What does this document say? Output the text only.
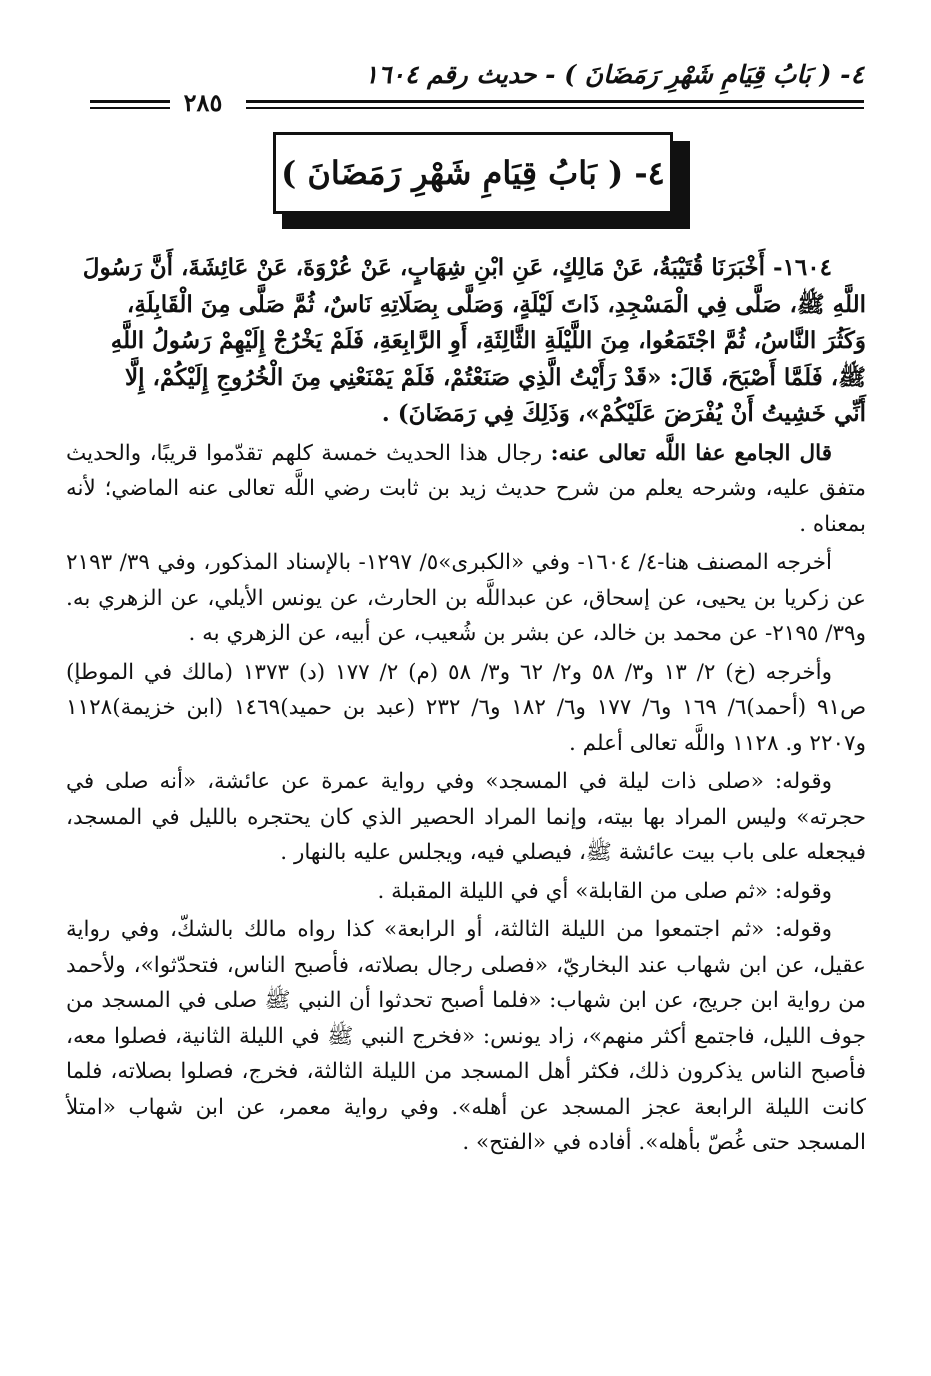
٤- ( بَابُ قِيَامِ شَهْرِ رَمَضَانَ ) - حديث رقم ١٦٠٤
٢٨٥
٤- ( بَابُ قِيَامِ شَهْرِ رَمَضَانَ )

١٦٠٤- أَخْبَرَنَا قُتَيْبَةُ، عَنْ مَالِكٍ، عَنِ ابْنِ شِهَابٍ، عَنْ عُرْوَةَ، عَنْ عَائِشَةَ، أَنَّ رَسُولَ

اللَّهِ ﷺ، صَلَّى فِي الْمَسْجِدِ، ذَاتَ لَيْلَةٍ، وَصَلَّى بِصَلَاتِهِ نَاسٌ، ثُمَّ صَلَّى مِنَ الْقَابِلَةِ،

وَكَثُرَ النَّاسُ، ثُمَّ اجْتَمَعُوا، مِنَ اللَّيْلَةِ الثَّالِثَةِ، أَوِ الرَّابِعَةِ، فَلَمْ يَخْرُجْ إِلَيْهِمْ رَسُولُ اللَّهِ

ﷺ، فَلَمَّا أَصْبَحَ، قَالَ: «قَدْ رَأَيْتُ الَّذِي صَنَعْتُمْ، فَلَمْ يَمْنَعْنِي مِنَ الْخُرُوجِ إِلَيْكُمْ، إِلَّا

أَنِّي خَشِيتُ أَنْ يُفْرَضَ عَلَيْكُمْ»، وَذَلِكَ فِي رَمَضَانَ) .

قال الجامع عفا اللَّه تعالى عنه: رجال هذا الحديث خمسة كلهم تقدّموا قريبًا، والحديث متفق عليه، وشرحه يعلم من شرح حديث زيد بن ثابت رضي اللَّه تعالى عنه الماضي؛ لأنه بمعناه .

أخرجه المصنف هنا-٤/ ١٦٠٤- وفي «الكبرى»٥/ ١٢٩٧- بالإسناد المذكور، وفي ٣٩/ ٢١٩٣ عن زكريا بن يحيى، عن إسحاق، عن عبداللَّه بن الحارث، عن يونس الأيلي، عن الزهري به. و٣٩/ ٢١٩٥- عن محمد بن خالد، عن بشر بن شُعيب، عن أبيه، عن الزهري به .

وأخرجه (خ) ٢/ ١٣ و٣/ ٥٨ و٢/ ٦٢ و٣/ ٥٨ (م) ٢/ ١٧٧ (د) ١٣٧٣ (مالك في الموطإ) ص٩١ (أحمد)٦/ ١٦٩ و٦/ ١٧٧ و٦/ ١٨٢ و٦/ ٢٣٢ (عبد بن حميد)١٤٦٩ (ابن خزيمة)١١٢٨ و٢٢٠٧ و. ١١٢٨ واللَّه تعالى أعلم .

وقوله: «صلى ذات ليلة في المسجد» وفي رواية عمرة عن عائشة، «أنه صلى في حجرته» وليس المراد بها بيته، وإنما المراد الحصير الذي كان يحتجره بالليل في المسجد، فيجعله على باب بيت عائشة ﷺ، فيصلي فيه، ويجلس عليه بالنهار .

وقوله: «ثم صلى من القابلة» أي في الليلة المقبلة .

وقوله: «ثم اجتمعوا من الليلة الثالثة، أو الرابعة» كذا رواه مالك بالشكّ، وفي رواية عقيل، عن ابن شهاب عند البخاريّ، «فصلى رجال بصلاته، فأصبح الناس، فتحدّثوا»، ولأحمد من رواية ابن جريج، عن ابن شهاب: «فلما أصبح تحدثوا أن النبي ﷺ صلى في المسجد من جوف الليل، فاجتمع أكثر منهم»، زاد يونس: «فخرج النبي ﷺ في الليلة الثانية، فصلوا معه، فأصبح الناس يذكرون ذلك، فكثر أهل المسجد من الليلة الثالثة، فخرج، فصلوا بصلاته، فلما كانت الليلة الرابعة عجز المسجد عن أهله». وفي رواية معمر، عن ابن شهاب «امتلأ المسجد حتى غُصّ بأهله». أفاده في «الفتح» .
